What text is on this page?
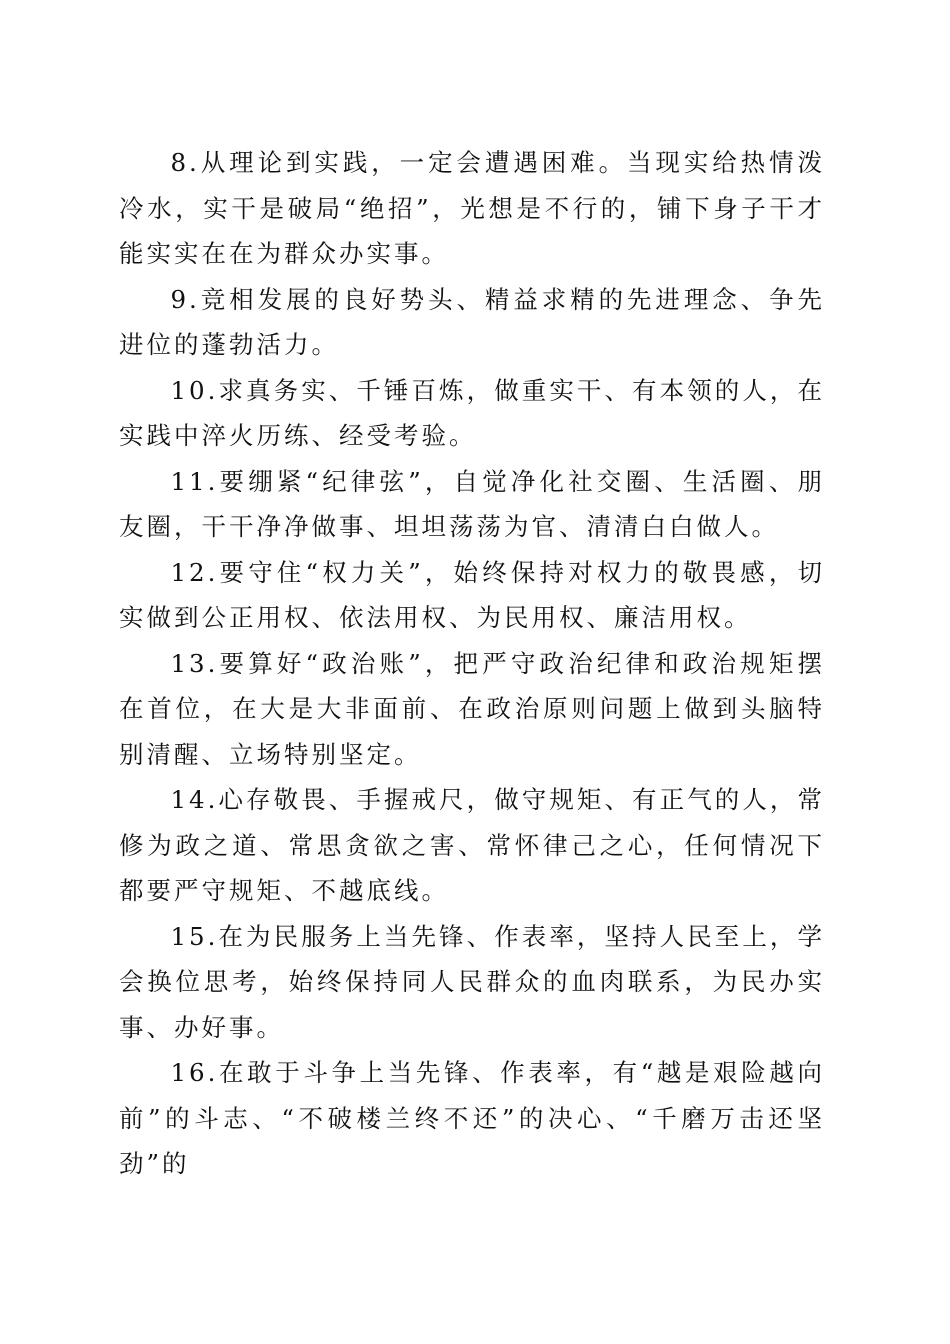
8.从理论到实践，一定会遭遇困难。当现实给热情泼冷水，实干是破局“绝招”，光想是不行的，铺下身子干才能实实在在为群众办实事。

9.竞相发展的良好势头、精益求精的先进理念、争先进位的蓬勃活力。

10.求真务实、千锤百炼，做重实干、有本领的人，在实践中淬火历练、经受考验。

11.要绷紧“纪律弦”，自觉净化社交圈、生活圈、朋友圈，干干净净做事、坦坦荡荡为官、清清白白做人。

12.要守住“权力关”，始终保持对权力的敬畏感，切实做到公正用权、依法用权、为民用权、廉洁用权。

13.要算好“政治账”，把严守政治纪律和政治规矩摆在首位，在大是大非面前、在政治原则问题上做到头脑特别清醒、立场特别坚定。

14.心存敬畏、手握戒尺，做守规矩、有正气的人，常修为政之道、常思贪欲之害、常怀律己之心，任何情况下都要严守规矩、不越底线。

15.在为民服务上当先锋、作表率，坚持人民至上，学会换位思考，始终保持同人民群众的血肉联系，为民办实事、办好事。

16.在敢于斗争上当先锋、作表率，有“越是艰险越向前”的斗志、“不破楼兰终不还”的决心、“千磨万击还坚劲”的
